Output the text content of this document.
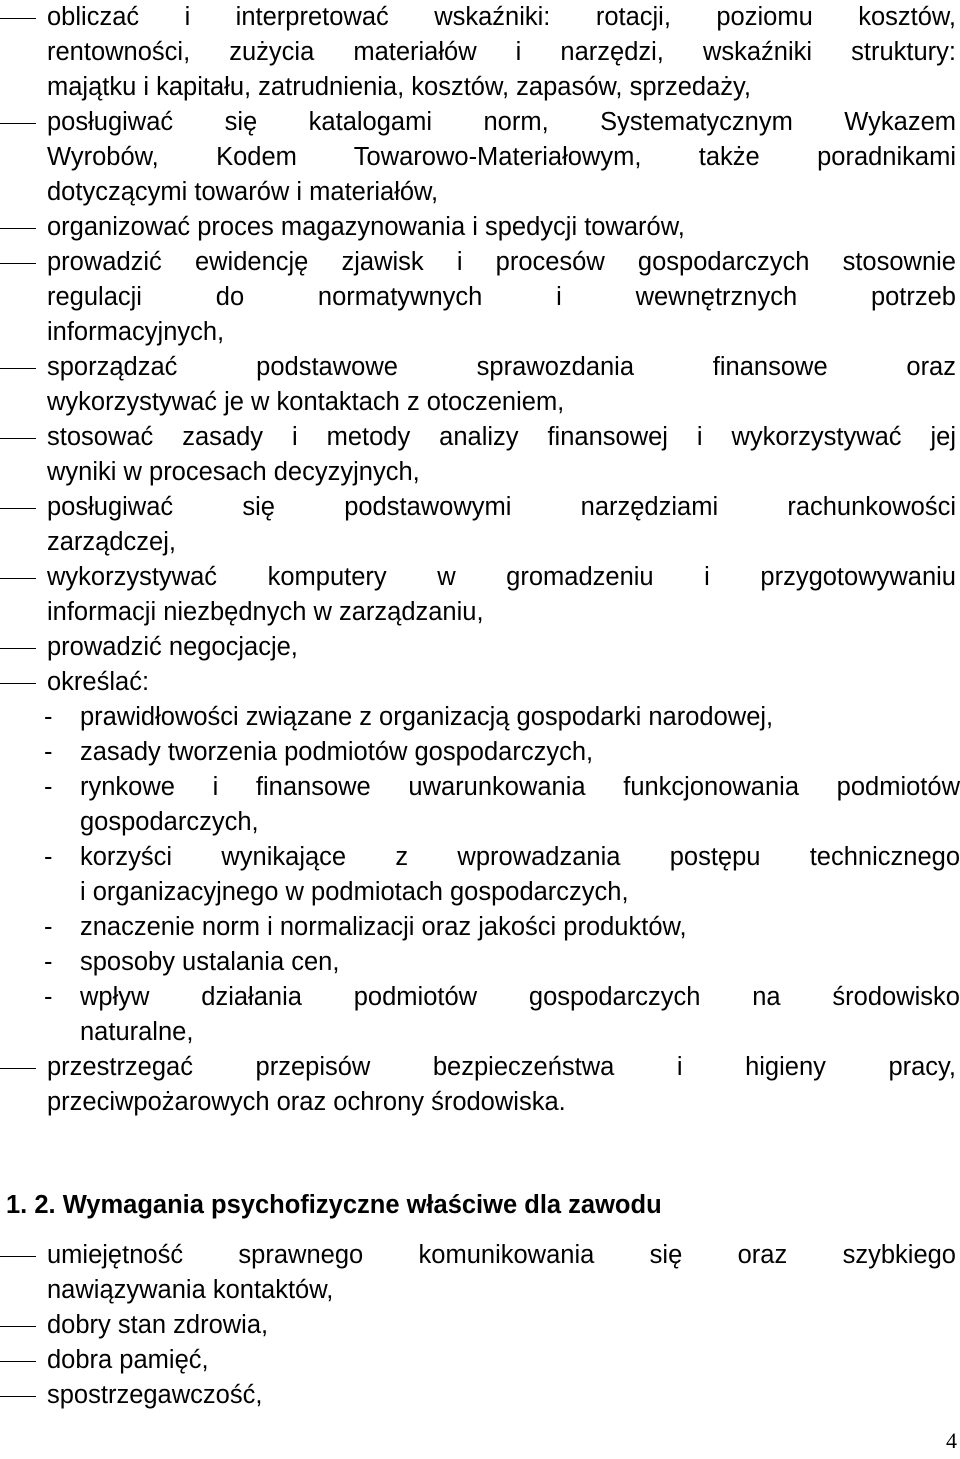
obliczać i interpretować wskaźniki: rotacji, poziomu kosztów,
rentowności, zużycia materiałów i narzędzi, wskaźniki struktury:
majątku i kapitału, zatrudnienia, kosztów, zapasów, sprzedaży,
posługiwać się katalogami norm, Systematycznym Wykazem
Wyrobów, Kodem Towarowo-Materiałowym, także poradnikami
dotyczącymi towarów i materiałów,
organizować proces magazynowania i spedycji towarów,
prowadzić ewidencję zjawisk i procesów gospodarczych stosownie
regulacji do normatywnych i wewnętrznych potrzeb
informacyjnych,
sporządzać podstawowe sprawozdania finansowe oraz
wykorzystywać je w kontaktach z otoczeniem,
stosować zasady i metody analizy finansowej i wykorzystywać jej
wyniki w procesach decyzyjnych,
posługiwać się podstawowymi narzędziami rachunkowości
zarządczej,
wykorzystywać komputery w gromadzeniu i przygotowywaniu
informacji niezbędnych w zarządzaniu,
prowadzić negocjacje,
określać:
- prawidłowości związane z organizacją gospodarki narodowej,
- zasady tworzenia podmiotów gospodarczych,
- rynkowe i finansowe uwarunkowania funkcjonowania podmiotów
gospodarczych,
- korzyści wynikające z wprowadzania postępu technicznego
i organizacyjnego w podmiotach gospodarczych,
- znaczenie norm i normalizacji oraz jakości produktów,
- sposoby ustalania cen,
- wpływ działania podmiotów gospodarczych na środowisko
naturalne,
przestrzegać przepisów bezpieczeństwa i higieny pracy,
przeciwpożarowych oraz ochrony środowiska.
1. 2. Wymagania psychofizyczne właściwe dla zawodu
umiejętność sprawnego komunikowania się oraz szybkiego
nawiązywania kontaktów,
dobry stan zdrowia,
dobra pamięć,
spostrzegawczość,
4
